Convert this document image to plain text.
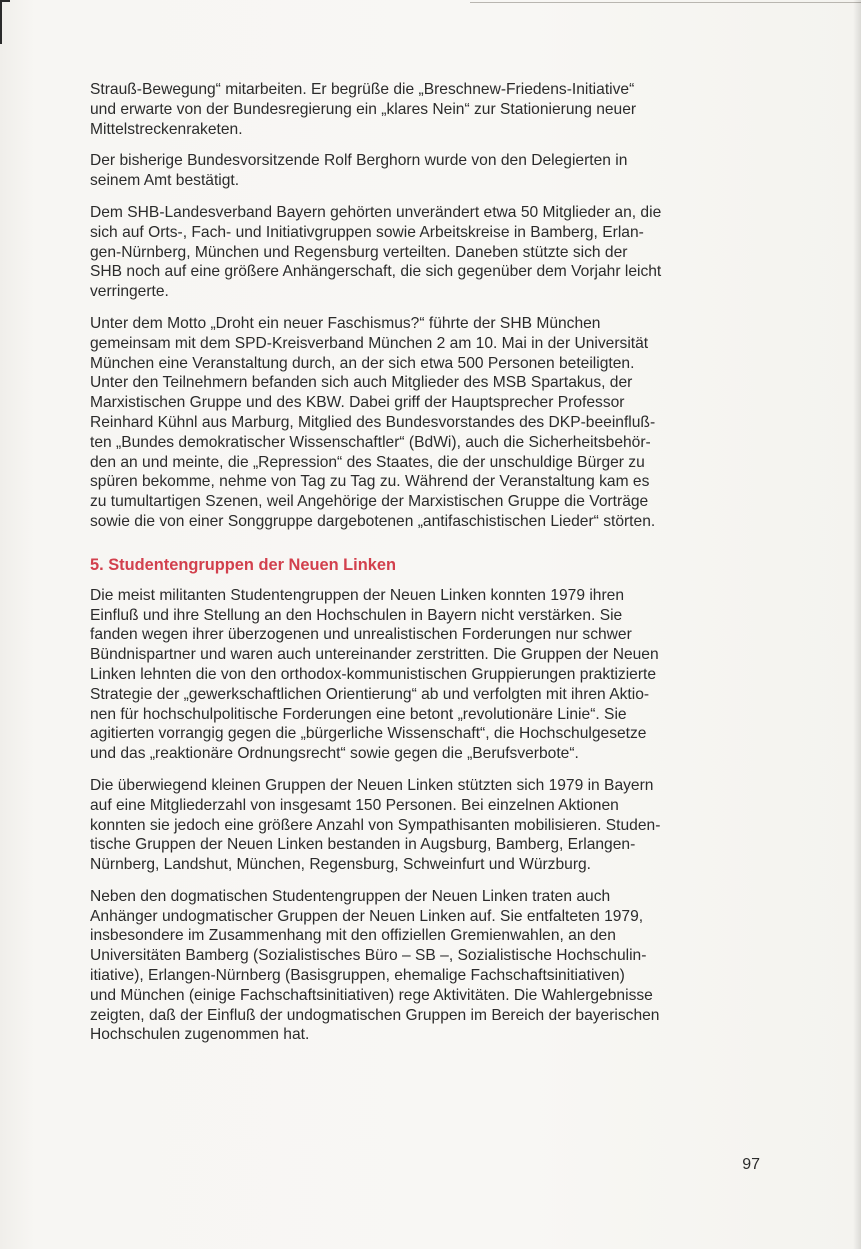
Strauß-Bewegung“ mitarbeiten. Er begrüße die „Breschnew-Friedens-Initiative“
und erwarte von der Bundesregierung ein „klares Nein“ zur Stationierung neuer
Mittelstreckenraketen.

Der bisherige Bundesvorsitzende Rolf Berghorn wurde von den Delegierten in
seinem Amt bestätigt.

Dem SHB-Landesverband Bayern gehörten unverändert etwa 50 Mitglieder an, die
sich auf Orts-, Fach- und Initiativgruppen sowie Arbeitskreise in Bamberg, Erlan-
gen-Nürnberg, München und Regensburg verteilten. Daneben stützte sich der
SHB noch auf eine größere Anhängerschaft, die sich gegenüber dem Vorjahr leicht
verringerte.

Unter dem Motto „Droht ein neuer Faschismus?“ führte der SHB München
gemeinsam mit dem SPD-Kreisverband München 2 am 10. Mai in der Universität
München eine Veranstaltung durch, an der sich etwa 500 Personen beteiligten.
Unter den Teilnehmern befanden sich auch Mitglieder des MSB Spartakus, der
Marxistischen Gruppe und des KBW. Dabei griff der Hauptsprecher Professor
Reinhard Kühnl aus Marburg, Mitglied des Bundesvorstandes des DKP-beeinfluß-
ten „Bundes demokratischer Wissenschaftler“ (BdWi), auch die Sicherheitsbehör-
den an und meinte, die „Repression“ des Staates, die der unschuldige Bürger zu
spüren bekomme, nehme von Tag zu Tag zu. Während der Veranstaltung kam es
zu tumultartigen Szenen, weil Angehörige der Marxistischen Gruppe die Vorträge
sowie die von einer Songgruppe dargebotenen „antifaschistischen Lieder“ störten.

5. Studentengruppen der Neuen Linken

Die meist militanten Studentengruppen der Neuen Linken konnten 1979 ihren
Einfluß und ihre Stellung an den Hochschulen in Bayern nicht verstärken. Sie
fanden wegen ihrer überzogenen und unrealistischen Forderungen nur schwer
Bündnispartner und waren auch untereinander zerstritten. Die Gruppen der Neuen
Linken lehnten die von den orthodox-kommunistischen Gruppierungen praktizierte
Strategie der „gewerkschaftlichen Orientierung“ ab und verfolgten mit ihren Aktio-
nen für hochschulpolitische Forderungen eine betont „revolutionäre Linie“. Sie
agitierten vorrangig gegen die „bürgerliche Wissenschaft“, die Hochschulgesetze
und das „reaktionäre Ordnungsrecht“ sowie gegen die „Berufsverbote“.

Die überwiegend kleinen Gruppen der Neuen Linken stützten sich 1979 in Bayern
auf eine Mitgliederzahl von insgesamt 150 Personen. Bei einzelnen Aktionen
konnten sie jedoch eine größere Anzahl von Sympathisanten mobilisieren. Studen-
tische Gruppen der Neuen Linken bestanden in Augsburg, Bamberg, Erlangen-
Nürnberg, Landshut, München, Regensburg, Schweinfurt und Würzburg.

Neben den dogmatischen Studentengruppen der Neuen Linken traten auch
Anhänger undogmatischer Gruppen der Neuen Linken auf. Sie entfalteten 1979,
insbesondere im Zusammenhang mit den offiziellen Gremienwahlen, an den
Universitäten Bamberg (Sozialistisches Büro – SB –, Sozialistische Hochschulin-
itiative), Erlangen-Nürnberg (Basisgruppen, ehemalige Fachschaftsinitiativen)
und München (einige Fachschaftsinitiativen) rege Aktivitäten. Die Wahlergebnisse
zeigten, daß der Einfluß der undogmatischen Gruppen im Bereich der bayerischen
Hochschulen zugenommen hat.

97
